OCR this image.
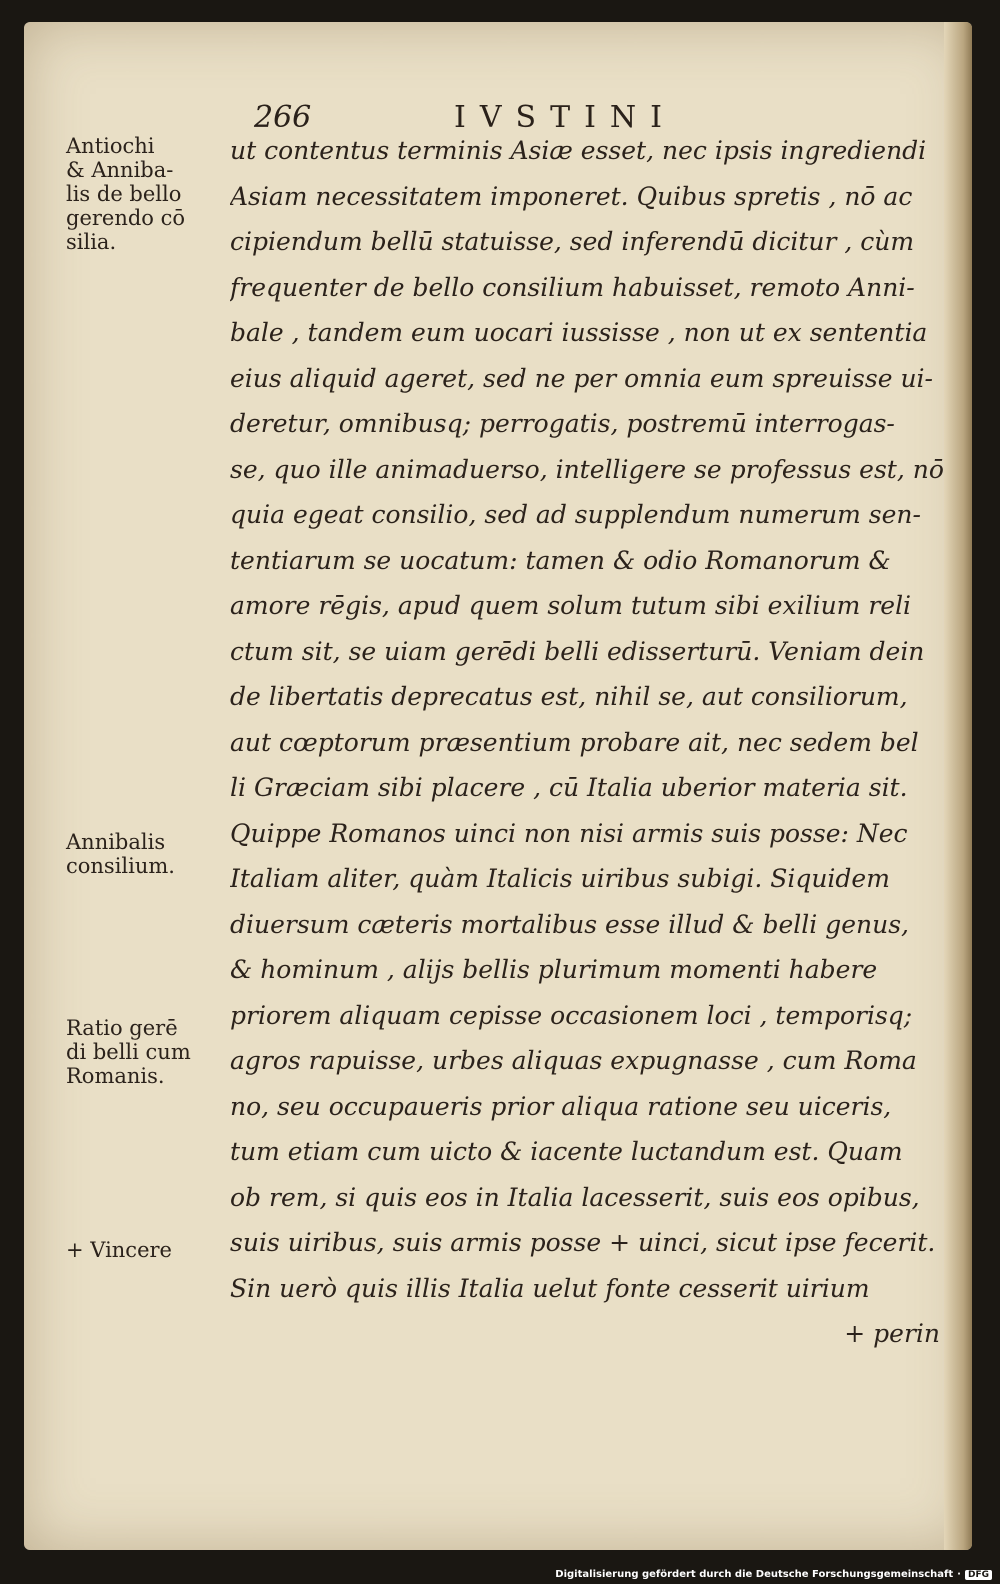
266	IVSTINI
Antiochi
& Anniba‑
lis de bello
gerendo cō
silia.
Annibalis
consilium.
Ratio gerē
di belli cum
Romanis.
+ Vincere
ut contentus terminis Asiæ esset, nec ipsis ingrediendi
Asiam necessitatem imponeret. Quibus spretis , nō ac
cipiendum bellū statuisse, sed inferendū dicitur , cùm
frequenter de bello consilium habuisset, remoto Anni‑
bale , tandem eum uocari iussisse , non ut ex sententia
eius aliquid ageret, sed ne per omnia eum spreuisse ui‑
deretur, omnibusq; perrogatis, postremū interrogas‑
se, quo ille animaduerso, intelligere se professus est, nō
quia egeat consilio, sed ad supplendum numerum sen‑
tentiarum se uocatum: tamen & odio Romanorum &
amore rēgis, apud quem solum tutum sibi exilium reli
ctum sit, se uiam gerēdi belli edisserturū. Veniam dein
de libertatis deprecatus est, nihil se, aut consiliorum,
aut cœptorum præsentium probare ait, nec sedem bel
li Græciam sibi placere , cū Italia uberior materia sit.
Quippe Romanos uinci non nisi armis suis posse: Nec
Italiam aliter, quàm Italicis uiribus subigi. Siquidem
diuersum cæteris mortalibus esse illud & belli genus,
& hominum , alijs bellis plurimum momenti habere
priorem aliquam cepisse occasionem loci , temporisq;
agros rapuisse, urbes aliquas expugnasse , cum Roma
no, seu occupaueris prior aliqua ratione seu uiceris,
tum etiam cum uicto & iacente luctandum est. Quam
ob rem, si quis eos in Italia lacesserit, suis eos opibus,
suis uiribus, suis armis posse + uinci, sicut ipse fecerit.
Sin uerò quis illis Italia uelut fonte cesserit uirium
+ perin
Digitalisierung gefördert durch die Deutsche Forschungsgemeinschaft · DFG
